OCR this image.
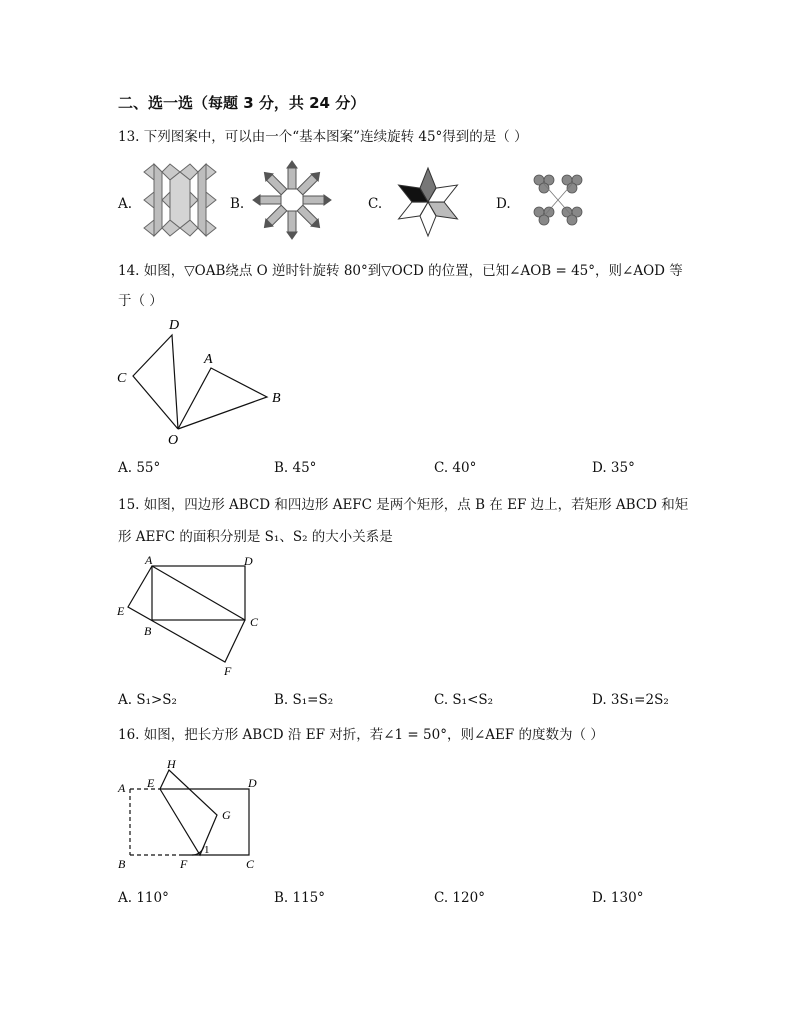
二、选一选（每题 3 分，共 24 分）
13. 下列图案中，可以由一个“基本图案”连续旋转 45°得到的是（ ）
A.	B.	C.	D.
14. 如图，▽OAB绕点 O 逆时针旋转 80°到▽OCD 的位置，已知∠AOB = 45°，则∠AOD 等
于（ ）
D
C
A
B
O
A. 55°	B. 45°	C. 40°	D. 35°
15. 如图，四边形 ABCD 和四边形 AEFC 是两个矩形，点 B 在 EF 边上，若矩形 ABCD 和矩
形 AEFC 的面积分别是 S₁、S₂ 的大小关系是
A	D
E
B
C
F
A. S₁>S₂	B. S₁=S₂	C. S₁<S₂	D. 3S₁=2S₂
16. 如图，把长方形 ABCD 沿 EF 对折，若∠1 = 50°，则∠AEF 的度数为（ ）
H
A E	D
G
B	F	C
1
A. 110°	B. 115°	C. 120°	D. 130°
